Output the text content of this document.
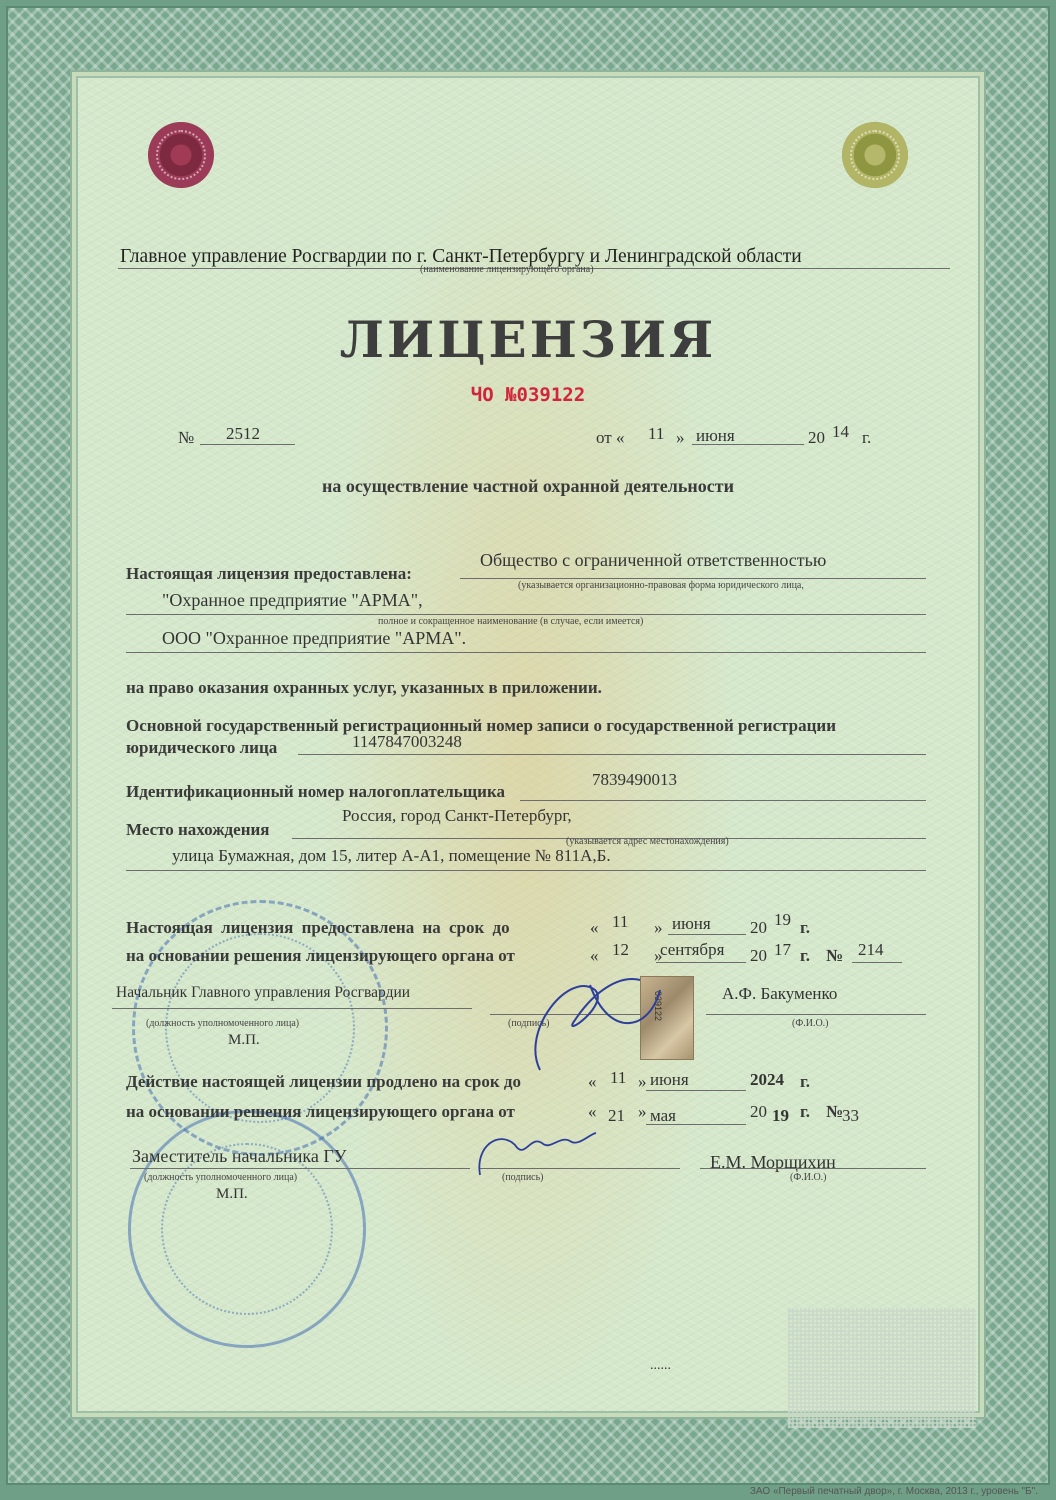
Главное управление Росгвардии по г. Санкт-Петербургу и Ленинградской области
(наименование лицензирующего органа)
ЛИЦЕНЗИЯ
ЧО №039122
№ 2512	от « 11 » июня	20 14 г.
на осуществление частной охранной деятельности
Настоящая лицензия предоставлена:
Общество с ограниченной ответственностью
(указывается организационно-правовая форма юридического лица,
"Охранное предприятие "АРМА",
полное и сокращенное наименование (в случае, если имеется)
ООО "Охранное предприятие "АРМА".
на право оказания охранных услуг, указанных в приложении.
Основной государственный регистрационный номер записи о государственной регистрации
юридического лица	1147847003248
7839490013
Идентификационный номер налогоплательщика
Россия, город Санкт-Петербург,
Место нахождения
(указывается адрес местонахождения)
улица Бумажная, дом 15, литер А-А1, помещение № 811А,Б.
Настоящая лицензия предоставлена на срок до	« 11 » июня 20 19 г.
на основании решения лицензирующего органа от	« 12 »
сентября 20 17 г. № 214
Начальник Главного управления Росгвардии
(должность уполномоченного лица)	(подпись)
А.Ф. Бакуменко
(Ф.И.О.)
М.П.
039122
Действие настоящей лицензии продлено на срок до	« 11 » июня	2024 г.
на основании решения лицензирующего органа от	« 21 » мая	20 19 г. №
33
Заместитель начальника ГУ
(должность уполномоченного лица)	(подпись)
Е.М. Морщихин
(Ф.И.О.)
М.П.
......
ЗАО «Первый печатный двор», г. Москва, 2013 г., уровень "Б".
